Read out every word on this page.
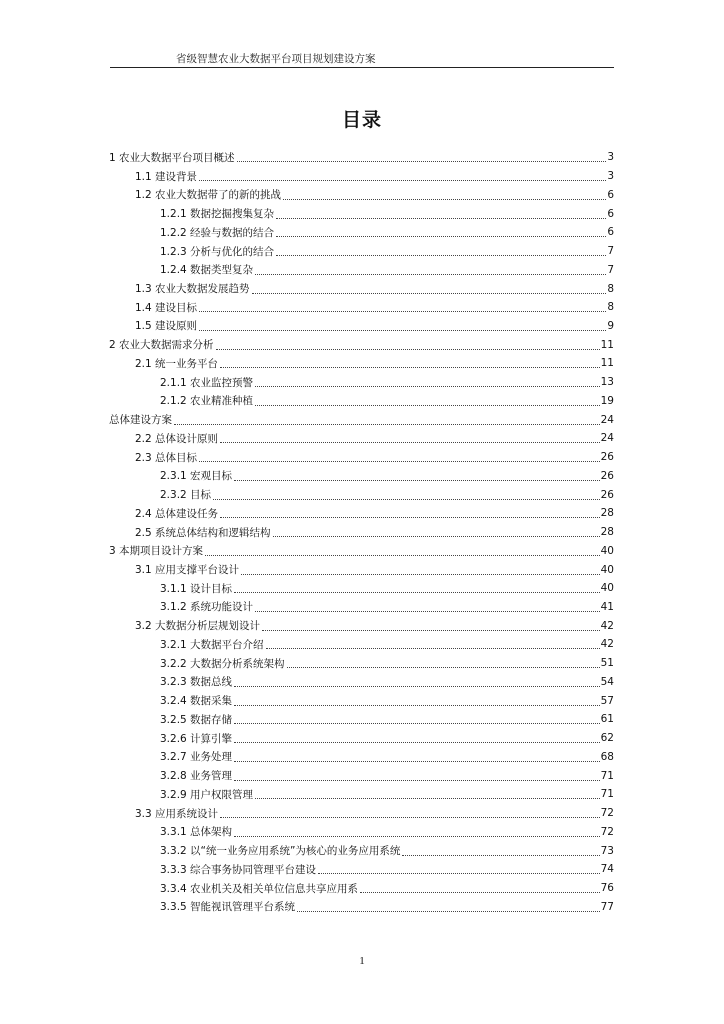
省级智慧农业大数据平台项目规划建设方案
目录
1 农业大数据平台项目概述	3
1.1 建设背景	3
1.2 农业大数据带了的新的挑战	6
1.2.1 数据挖掘搜集复杂	6
1.2.2 经验与数据的结合	6
1.2.3 分析与优化的结合	7
1.2.4 数据类型复杂	7
1.3 农业大数据发展趋势	8
1.4 建设目标	8
1.5 建设原则	9
2 农业大数据需求分析	11
2.1 统一业务平台	11
2.1.1 农业监控预警	13
2.1.2 农业精准种植	19
总体建设方案	24
2.2 总体设计原则	24
2.3 总体目标	26
2.3.1 宏观目标	26
2.3.2 目标	26
2.4 总体建设任务	28
2.5 系统总体结构和逻辑结构	28
3 本期项目设计方案	40
3.1 应用支撑平台设计	40
3.1.1 设计目标	40
3.1.2 系统功能设计	41
3.2 大数据分析层规划设计	42
3.2.1 大数据平台介绍	42
3.2.2 大数据分析系统架构	51
3.2.3 数据总线	54
3.2.4 数据采集	57
3.2.5 数据存储	61
3.2.6 计算引擎	62
3.2.7 业务处理	68
3.2.8 业务管理	71
3.2.9 用户权限管理	71
3.3 应用系统设计	72
3.3.1 总体架构	72
3.3.2 以“统一业务应用系统”为核心的业务应用系统	73
3.3.3 综合事务协同管理平台建设	74
3.3.4 农业机关及相关单位信息共享应用系	76
3.3.5 智能视讯管理平台系统	77
1
